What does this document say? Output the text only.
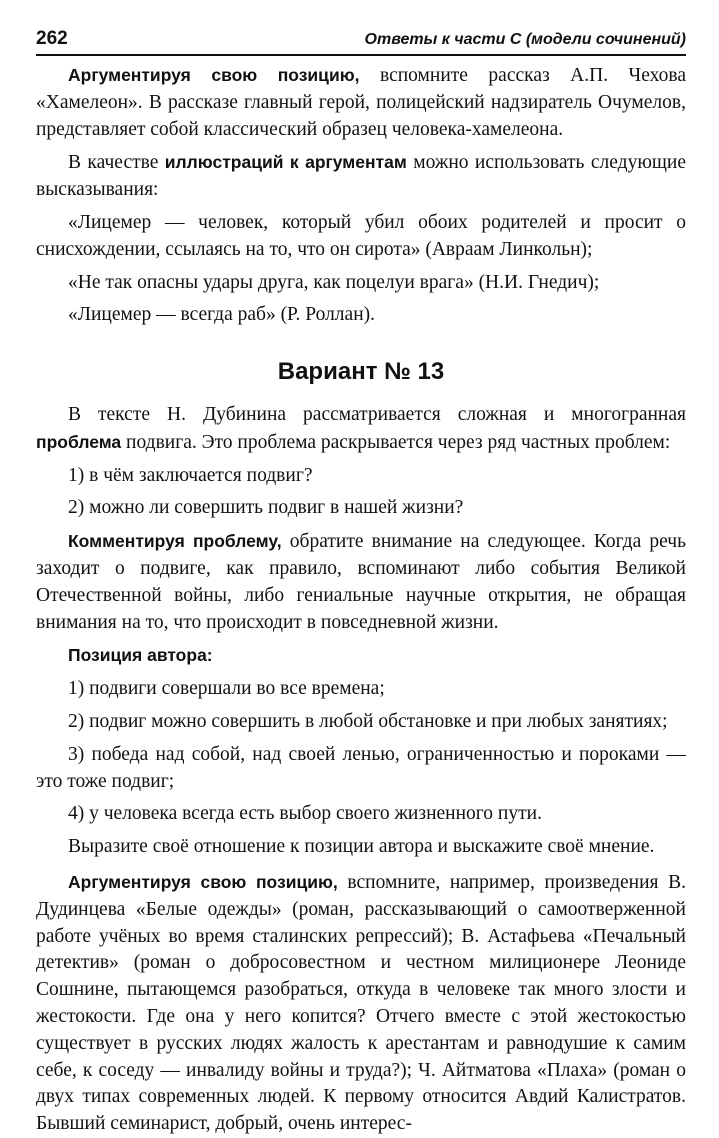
262	Ответы к части С (модели сочинений)

Аргументируя свою позицию, вспомните рассказ А.П. Чехова «Хамелеон». В рассказе главный герой, полицейский надзиратель Очумелов, представляет собой классический образец человека-хамелеона.

В качестве иллюстраций к аргументам можно использовать следующие высказывания:

«Лицемер — человек, который убил обоих родителей и просит о снисхождении, ссылаясь на то, что он сирота» (Авраам Линкольн);

«Не так опасны удары друга, как поцелуи врага» (Н.И. Гнедич);

«Лицемер — всегда раб» (Р. Роллан).

Вариант № 13

В тексте Н. Дубинина рассматривается сложная и многогранная проблема подвига. Это проблема раскрывается через ряд частных проблем:

1) в чём заключается подвиг?

2) можно ли совершить подвиг в нашей жизни?

Комментируя проблему, обратите внимание на следующее. Когда речь заходит о подвиге, как правило, вспоминают либо события Великой Отечественной войны, либо гениальные научные открытия, не обращая внимания на то, что происходит в повседневной жизни.

Позиция автора:

1) подвиги совершали во все времена;

2) подвиг можно совершить в любой обстановке и при любых занятиях;

3) победа над собой, над своей ленью, ограниченностью и пороками — это тоже подвиг;

4) у человека всегда есть выбор своего жизненного пути.

Выразите своё отношение к позиции автора и выскажите своё мнение.

Аргументируя свою позицию, вспомните, например, произведения В. Дудинцева «Белые одежды» (роман, рассказывающий о самоотверженной работе учёных во время сталинских репрессий); В. Астафьева «Печальный детектив» (роман о добросовестном и честном милиционере Леониде Сошнине, пытающемся разобраться, откуда в человеке так много злости и жестокости. Где она у него копится? Отчего вместе с этой жестокостью существует в русских людях жалость к арестантам и равнодушие к самим себе, к соседу — инвалиду войны и труда?); Ч. Айтматова «Плаха» (роман о двух типах современных людей. К первому относится Авдий Калистратов. Бывший семинарист, добрый, очень интерес-
